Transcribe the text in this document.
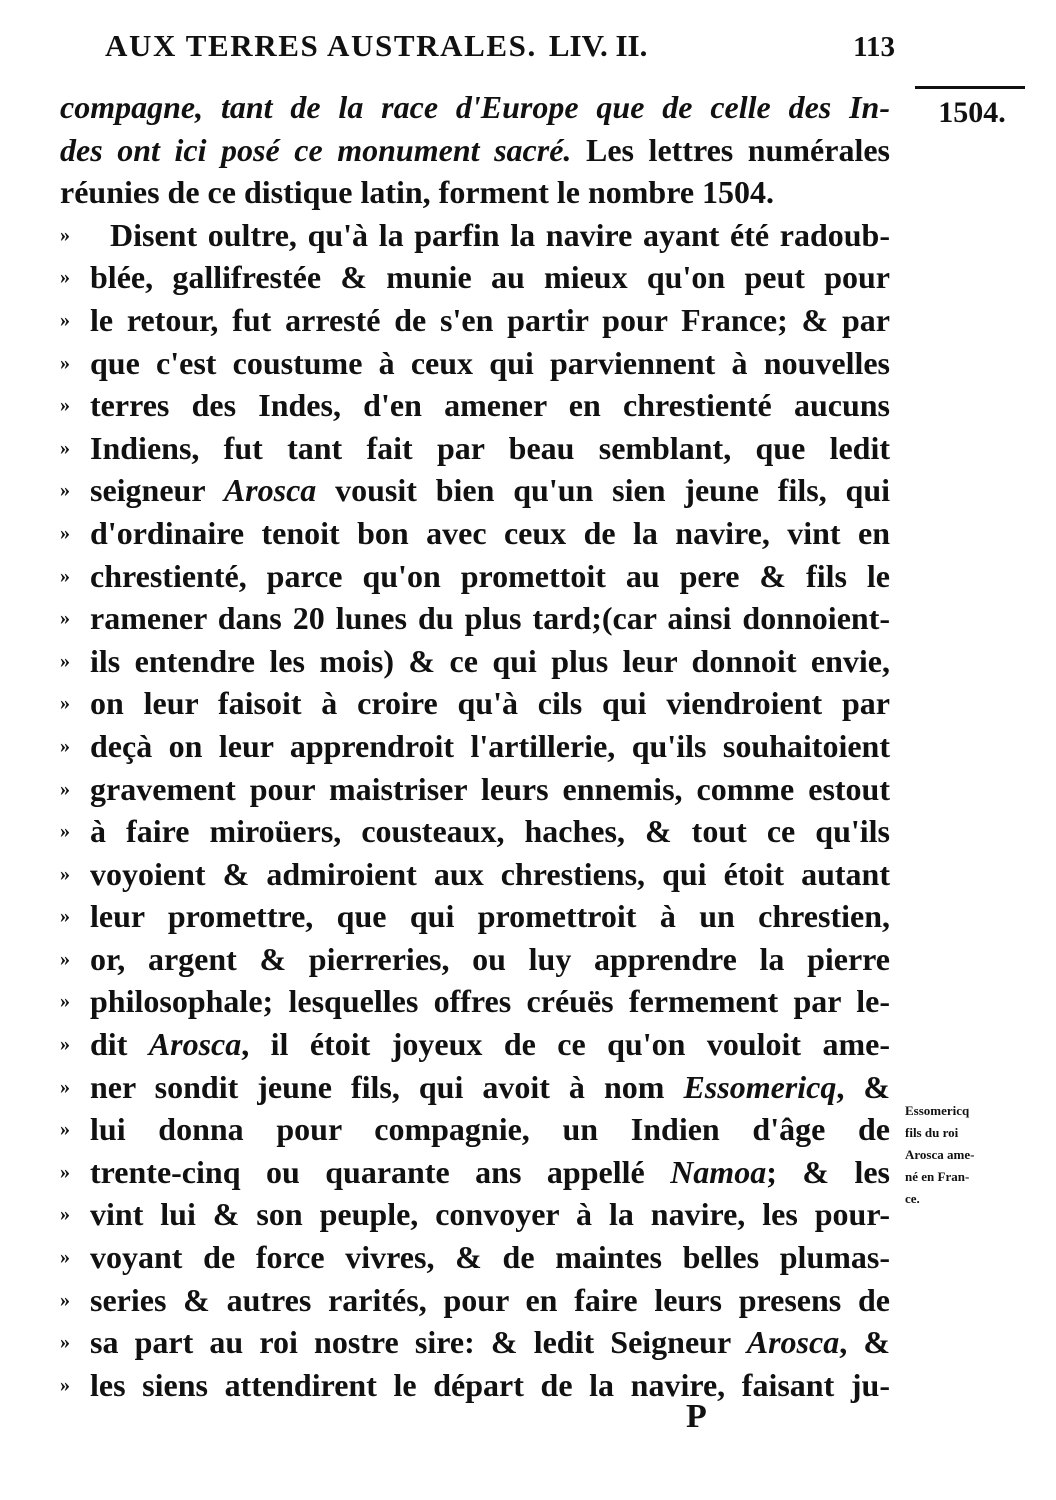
AUX TERRES AUSTRALES. LIV. II.	113
1504.
compagne, tant de la race d'Europe que de celle des In-
des ont ici posé ce monument sacré. Les lettres numérales
réunies de ce distique latin, forment le nombre 1504.
»	Disent oultre, qu'à la parfin la navire ayant été radoub-
» blée, gallifrestée & munie au mieux qu'on peut pour
» le retour, fut arresté de s'en partir pour France; & par
» que c'est coustume à ceux qui parviennent à nouvelles
» terres des Indes, d'en amener en chrestienté aucuns
» Indiens, fut tant fait par beau semblant, que ledit
» seigneur Arosca vousit bien qu'un sien jeune fils, qui
» d'ordinaire tenoit bon avec ceux de la navire, vint en
» chrestienté, parce qu'on promettoit au pere & fils le
» ramener dans 20 lunes du plus tard;(car ainsi donnoient-
» ils entendre les mois) & ce qui plus leur donnoit envie,
» on leur faisoit à croire qu'à cils qui viendroient par
» deçà on leur apprendroit l'artillerie, qu'ils souhaitoient
» gravement pour maistriser leurs ennemis, comme estout
» à faire miroüers, cousteaux, haches, & tout ce qu'ils
» voyoient & admiroient aux chrestiens, qui étoit autant
» leur promettre, que qui promettroit à un chrestien,
» or, argent & pierreries, ou luy apprendre la pierre
» philosophale; lesquelles offres créuës fermement par le-
» dit Arosca, il étoit joyeux de ce qu'on vouloit ame-
» ner sondit jeune fils, qui avoit à nom Essomericq, &
» lui donna pour compagnie, un Indien d'âge de
» trente-cinq ou quarante ans appellé Namoa; & les
» vint lui & son peuple, convoyer à la navire, les pour-
» voyant de force vivres, & de maintes belles plumas-
» series & autres rarités, pour en faire leurs presens de
» sa part au roi nostre sire: & ledit Seigneur Arosca, &
» les siens attendirent le départ de la navire, faisant ju-
Essomericq
fils du roi
Arosca ame-
né en Fran-
ce.
P
